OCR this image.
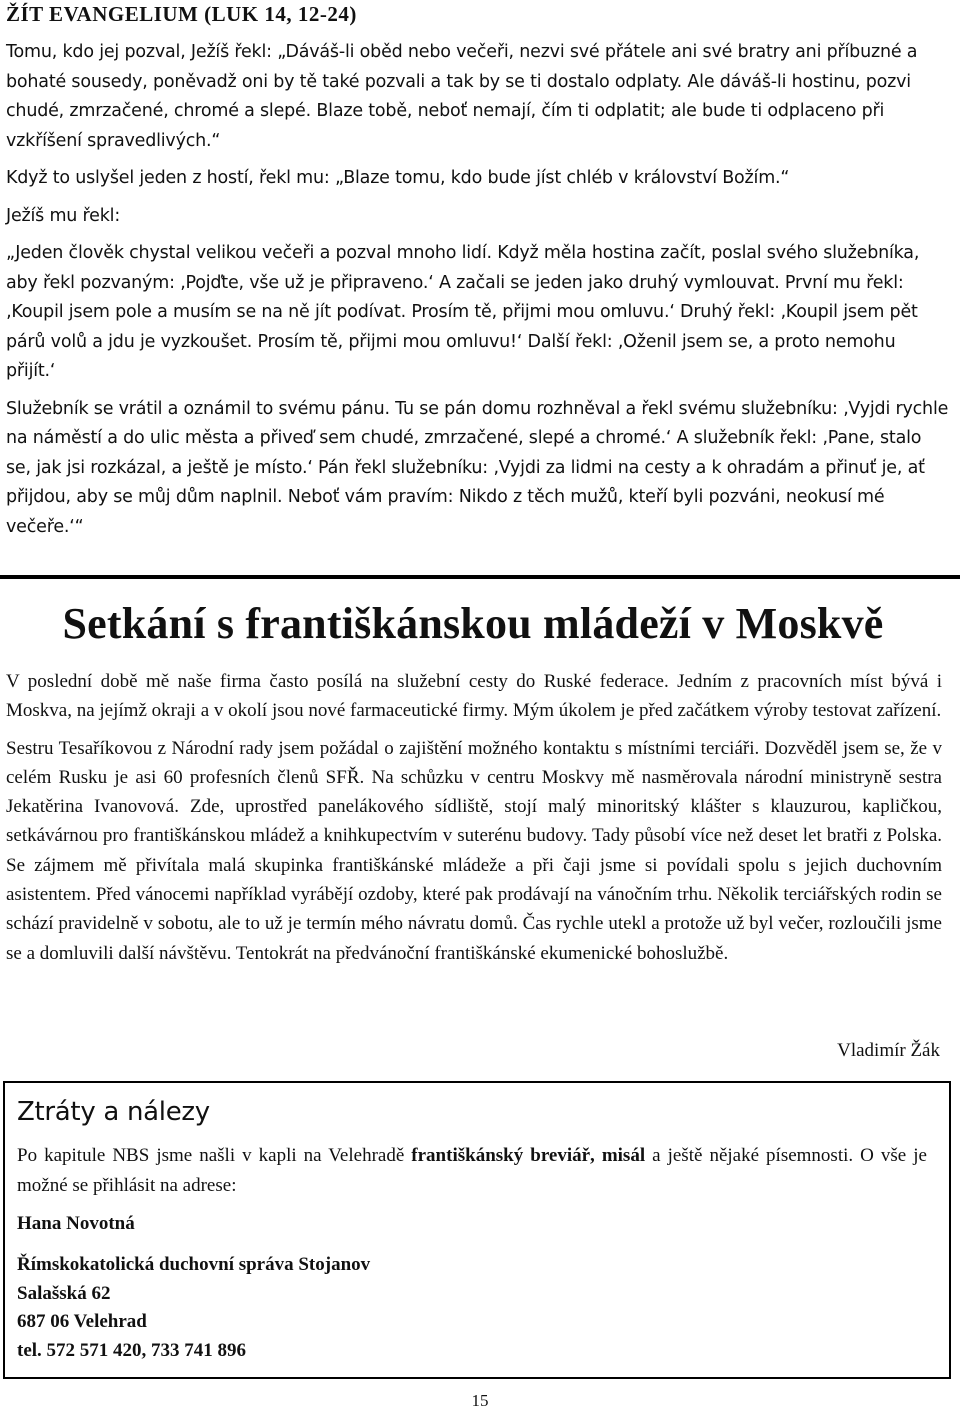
ŽÍT EVANGELIUM (LUK 14, 12-24)

Tomu, kdo jej pozval, Ježíš řekl: „Dáváš-li oběd nebo večeři, nezvi své přátele ani své bratry ani příbuzné a bohaté sousedy, poněvadž oni by tě také pozvali a tak by se ti dostalo odplaty. Ale dáváš-li hostinu, pozvi chudé, zmrzačené, chromé a slepé. Blaze tobě, neboť nemají, čím ti odplatit; ale bude ti odplaceno při vzkříšení spravedlivých.“

Když to uslyšel jeden z hostí, řekl mu: „Blaze tomu, kdo bude jíst chléb v království Božím.“

Ježíš mu řekl:

„Jeden člověk chystal velikou večeři a pozval mnoho lidí. Když měla hostina začít, poslal svého služebníka, aby řekl pozvaným: ‚Pojďte, vše už je připraveno.‘ A začali se jeden jako druhý vymlouvat. První mu řekl: ‚Koupil jsem pole a musím se na ně jít podívat. Prosím tě, přijmi mou omluvu.‘ Druhý řekl: ‚Koupil jsem pět párů volů a jdu je vyzkoušet. Prosím tě, přijmi mou omluvu!‘ Další řekl: ‚Oženil jsem se, a proto nemohu přijít.‘

Služebník se vrátil a oznámil to svému pánu. Tu se pán domu rozhněval a řekl svému služebníku: ‚Vyjdi rychle na náměstí a do ulic města a přiveď sem chudé, zmrzačené, slepé a chromé.‘ A služebník řekl: ‚Pane, stalo se, jak jsi rozkázal, a ještě je místo.‘ Pán řekl služebníku: ‚Vyjdi za lidmi na cesty a k ohradám a přinuť je, ať přijdou, aby se můj dům naplnil. Neboť vám pravím: Nikdo z těch mužů, kteří byli pozváni, neokusí mé večeře.‘“

Setkání s františkánskou mládeží v Moskvě

V poslední době mě naše firma často posílá na služební cesty do Ruské federace. Jedním z pracovních míst bývá i Moskva, na jejímž okraji a v okolí jsou nové farmaceutické firmy. Mým úkolem je před začátkem výroby testovat zařízení.

Sestru Tesaříkovou z Národní rady jsem požádal o zajištění možného kontaktu s místními terciáři. Dozvěděl jsem se, že v celém Rusku je asi 60 profesních členů SFŘ. Na schůzku v centru Moskvy mě nasměrovala národní ministryně sestra Jekatěrina Ivanovová. Zde, uprostřed panelákového sídliště, stojí malý minoritský klášter s klauzurou, kapličkou, setkávárnou pro františkánskou mládež a knihkupectvím v suterénu budovy. Tady působí více než deset let bratři z Polska. Se zájmem mě přivítala malá skupinka františkánské mládeže a při čaji jsme si povídali spolu s jejich duchovním asistentem. Před vánocemi například vyrábějí ozdoby, které pak prodávají na vánočním trhu. Několik terciářských rodin se schází pravidelně v sobotu, ale to už je termín mého návratu domů. Čas rychle utekl a protože už byl večer, rozloučili jsme se a domluvili další návštěvu. Tentokrát na předvánoční františkánské ekumenické bohoslužbě.

Vladimír Žák
Ztráty a nálezy
Po kapitule NBS jsme našli v kapli na Velehradě františkánský breviář, misál a ještě nějaké písemnosti. O vše je možné se přihlásit na adrese:
Hana Novotná
Římskokatolická duchovní správa Stojanov
Salašská 62
687 06 Velehrad
tel. 572 571 420, 733 741 896
15
